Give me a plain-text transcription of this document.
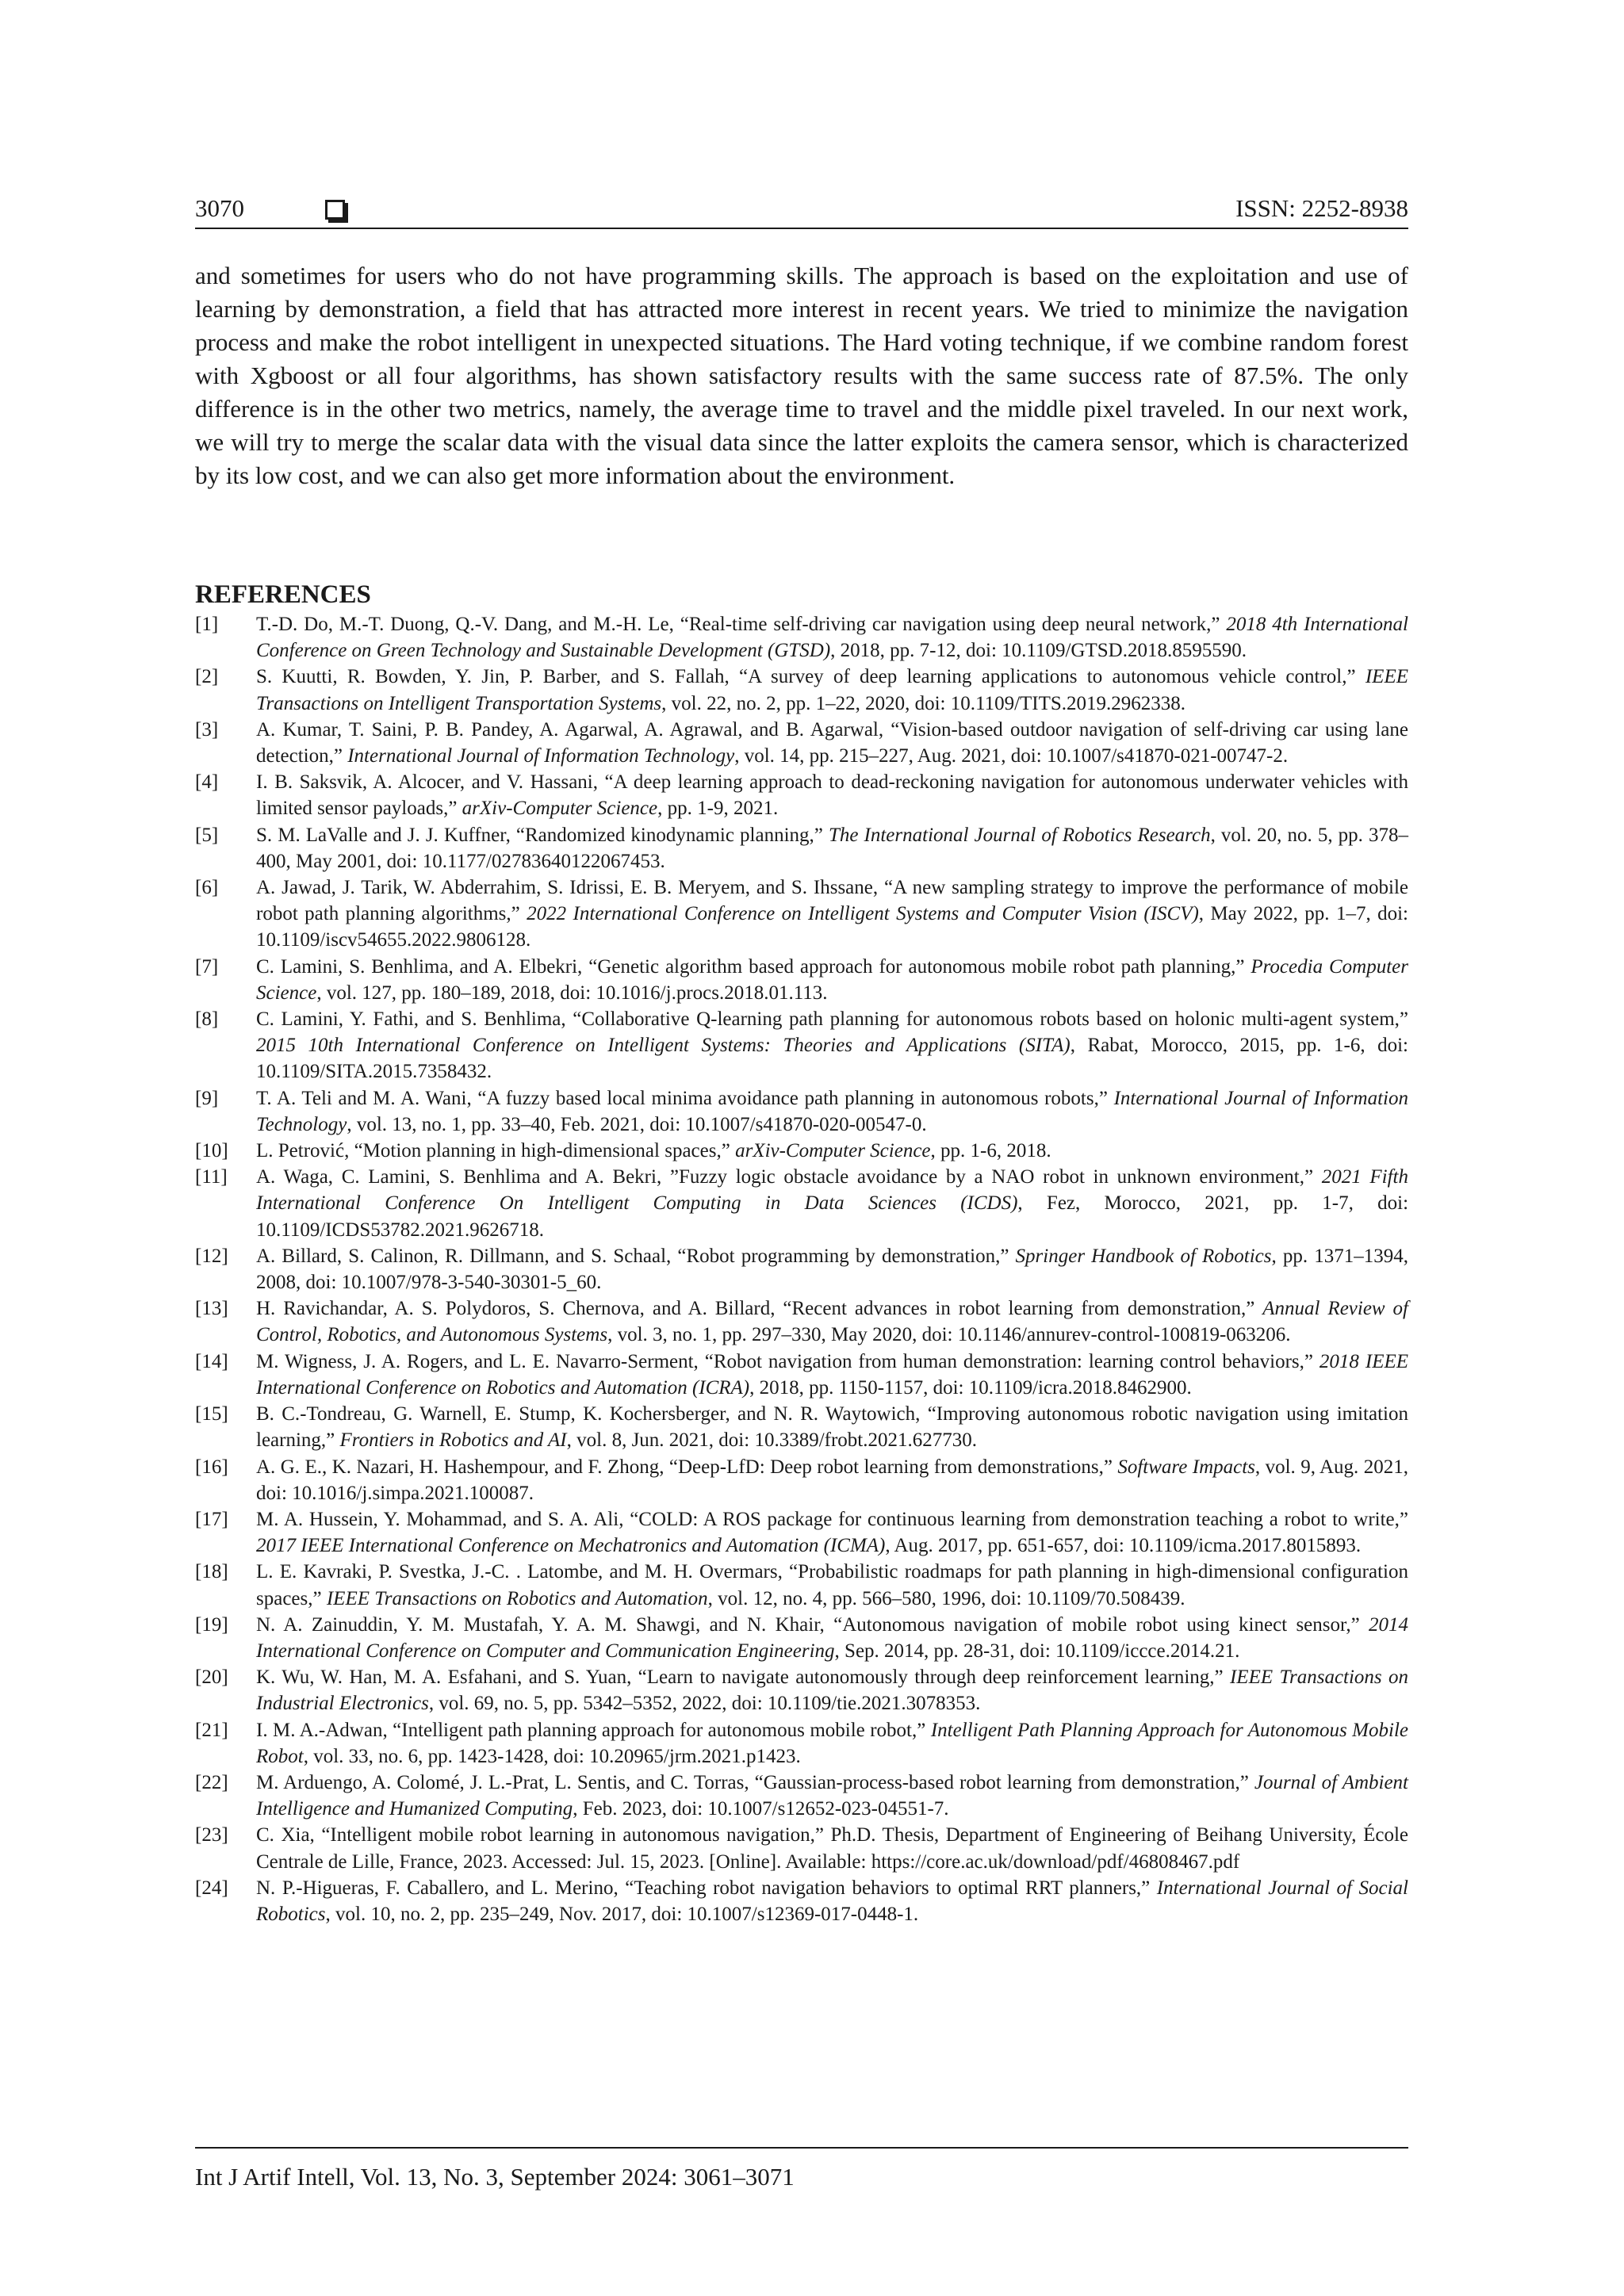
3070	ISSN: 2252-8938

and sometimes for users who do not have programming skills. The approach is based on the exploitation and use of learning by demonstration, a field that has attracted more interest in recent years. We tried to minimize the navigation process and make the robot intelligent in unexpected situations. The Hard voting technique, if we combine random forest with Xgboost or all four algorithms, has shown satisfactory results with the same success rate of 87.5%. The only difference is in the other two metrics, namely, the average time to travel and the middle pixel traveled. In our next work, we will try to merge the scalar data with the visual data since the latter exploits the camera sensor, which is characterized by its low cost, and we can also get more information about the environment.

REFERENCES
[1] T.-D. Do, M.-T. Duong, Q.-V. Dang, and M.-H. Le, “Real-time self-driving car navigation using deep neural network,” 2018 4th International Conference on Green Technology and Sustainable Development (GTSD), 2018, pp. 7-12, doi: 10.1109/GTSD.2018.8595590.
[2] S. Kuutti, R. Bowden, Y. Jin, P. Barber, and S. Fallah, “A survey of deep learning applications to autonomous vehicle control,” IEEE Transactions on Intelligent Transportation Systems, vol. 22, no. 2, pp. 1–22, 2020, doi: 10.1109/TITS.2019.2962338.
[3] A. Kumar, T. Saini, P. B. Pandey, A. Agarwal, A. Agrawal, and B. Agarwal, “Vision-based outdoor navigation of self-driving car using lane detection,” International Journal of Information Technology, vol. 14, pp. 215–227, Aug. 2021, doi: 10.1007/s41870-021-00747-2.
[4] I. B. Saksvik, A. Alcocer, and V. Hassani, “A deep learning approach to dead-reckoning navigation for autonomous underwater vehicles with limited sensor payloads,” arXiv-Computer Science, pp. 1-9, 2021.
[5] S. M. LaValle and J. J. Kuffner, “Randomized kinodynamic planning,” The International Journal of Robotics Research, vol. 20, no. 5, pp. 378–400, May 2001, doi: 10.1177/02783640122067453.
[6] A. Jawad, J. Tarik, W. Abderrahim, S. Idrissi, E. B. Meryem, and S. Ihssane, “A new sampling strategy to improve the performance of mobile robot path planning algorithms,” 2022 International Conference on Intelligent Systems and Computer Vision (ISCV), May 2022, pp. 1–7, doi: 10.1109/iscv54655.2022.9806128.
[7] C. Lamini, S. Benhlima, and A. Elbekri, “Genetic algorithm based approach for autonomous mobile robot path planning,” Procedia Computer Science, vol. 127, pp. 180–189, 2018, doi: 10.1016/j.procs.2018.01.113.
[8] C. Lamini, Y. Fathi, and S. Benhlima, “Collaborative Q-learning path planning for autonomous robots based on holonic multi-agent system,” 2015 10th International Conference on Intelligent Systems: Theories and Applications (SITA), Rabat, Morocco, 2015, pp. 1-6, doi: 10.1109/SITA.2015.7358432.
[9] T. A. Teli and M. A. Wani, “A fuzzy based local minima avoidance path planning in autonomous robots,” International Journal of Information Technology, vol. 13, no. 1, pp. 33–40, Feb. 2021, doi: 10.1007/s41870-020-00547-0.
[10] L. Petrović, “Motion planning in high-dimensional spaces,” arXiv-Computer Science, pp. 1-6, 2018.
[11] A. Waga, C. Lamini, S. Benhlima and A. Bekri, ”Fuzzy logic obstacle avoidance by a NAO robot in unknown environment,” 2021 Fifth International Conference On Intelligent Computing in Data Sciences (ICDS), Fez, Morocco, 2021, pp. 1-7, doi: 10.1109/ICDS53782.2021.9626718.
[12] A. Billard, S. Calinon, R. Dillmann, and S. Schaal, “Robot programming by demonstration,” Springer Handbook of Robotics, pp. 1371–1394, 2008, doi: 10.1007/978-3-540-30301-5_60.
[13] H. Ravichandar, A. S. Polydoros, S. Chernova, and A. Billard, “Recent advances in robot learning from demonstration,” Annual Review of Control, Robotics, and Autonomous Systems, vol. 3, no. 1, pp. 297–330, May 2020, doi: 10.1146/annurev-control-100819-063206.
[14] M. Wigness, J. A. Rogers, and L. E. Navarro-Serment, “Robot navigation from human demonstration: learning control behaviors,” 2018 IEEE International Conference on Robotics and Automation (ICRA), 2018, pp. 1150-1157, doi: 10.1109/icra.2018.8462900.
[15] B. C.-Tondreau, G. Warnell, E. Stump, K. Kochersberger, and N. R. Waytowich, “Improving autonomous robotic navigation using imitation learning,” Frontiers in Robotics and AI, vol. 8, Jun. 2021, doi: 10.3389/frobt.2021.627730.
[16] A. G. E., K. Nazari, H. Hashempour, and F. Zhong, “Deep-LfD: Deep robot learning from demonstrations,” Software Impacts, vol. 9, Aug. 2021, doi: 10.1016/j.simpa.2021.100087.
[17] M. A. Hussein, Y. Mohammad, and S. A. Ali, “COLD: A ROS package for continuous learning from demonstration teaching a robot to write,” 2017 IEEE International Conference on Mechatronics and Automation (ICMA), Aug. 2017, pp. 651-657, doi: 10.1109/icma.2017.8015893.
[18] L. E. Kavraki, P. Svestka, J.-C. . Latombe, and M. H. Overmars, “Probabilistic roadmaps for path planning in high-dimensional configuration spaces,” IEEE Transactions on Robotics and Automation, vol. 12, no. 4, pp. 566–580, 1996, doi: 10.1109/70.508439.
[19] N. A. Zainuddin, Y. M. Mustafah, Y. A. M. Shawgi, and N. Khair, “Autonomous navigation of mobile robot using kinect sensor,” 2014 International Conference on Computer and Communication Engineering, Sep. 2014, pp. 28-31, doi: 10.1109/iccce.2014.21.
[20] K. Wu, W. Han, M. A. Esfahani, and S. Yuan, “Learn to navigate autonomously through deep reinforcement learning,” IEEE Transactions on Industrial Electronics, vol. 69, no. 5, pp. 5342–5352, 2022, doi: 10.1109/tie.2021.3078353.
[21] I. M. A.-Adwan, “Intelligent path planning approach for autonomous mobile robot,” Intelligent Path Planning Approach for Autonomous Mobile Robot, vol. 33, no. 6, pp. 1423-1428, doi: 10.20965/jrm.2021.p1423.
[22] M. Arduengo, A. Colomé, J. L.-Prat, L. Sentis, and C. Torras, “Gaussian-process-based robot learning from demonstration,” Journal of Ambient Intelligence and Humanized Computing, Feb. 2023, doi: 10.1007/s12652-023-04551-7.
[23] C. Xia, “Intelligent mobile robot learning in autonomous navigation,” Ph.D. Thesis, Department of Engineering of Beihang University, École Centrale de Lille, France, 2023. Accessed: Jul. 15, 2023. [Online]. Available: https://core.ac.uk/download/pdf/46808467.pdf
[24] N. P.-Higueras, F. Caballero, and L. Merino, “Teaching robot navigation behaviors to optimal RRT planners,” International Journal of Social Robotics, vol. 10, no. 2, pp. 235–249, Nov. 2017, doi: 10.1007/s12369-017-0448-1.
Int J Artif Intell, Vol. 13, No. 3, September 2024: 3061–3071
